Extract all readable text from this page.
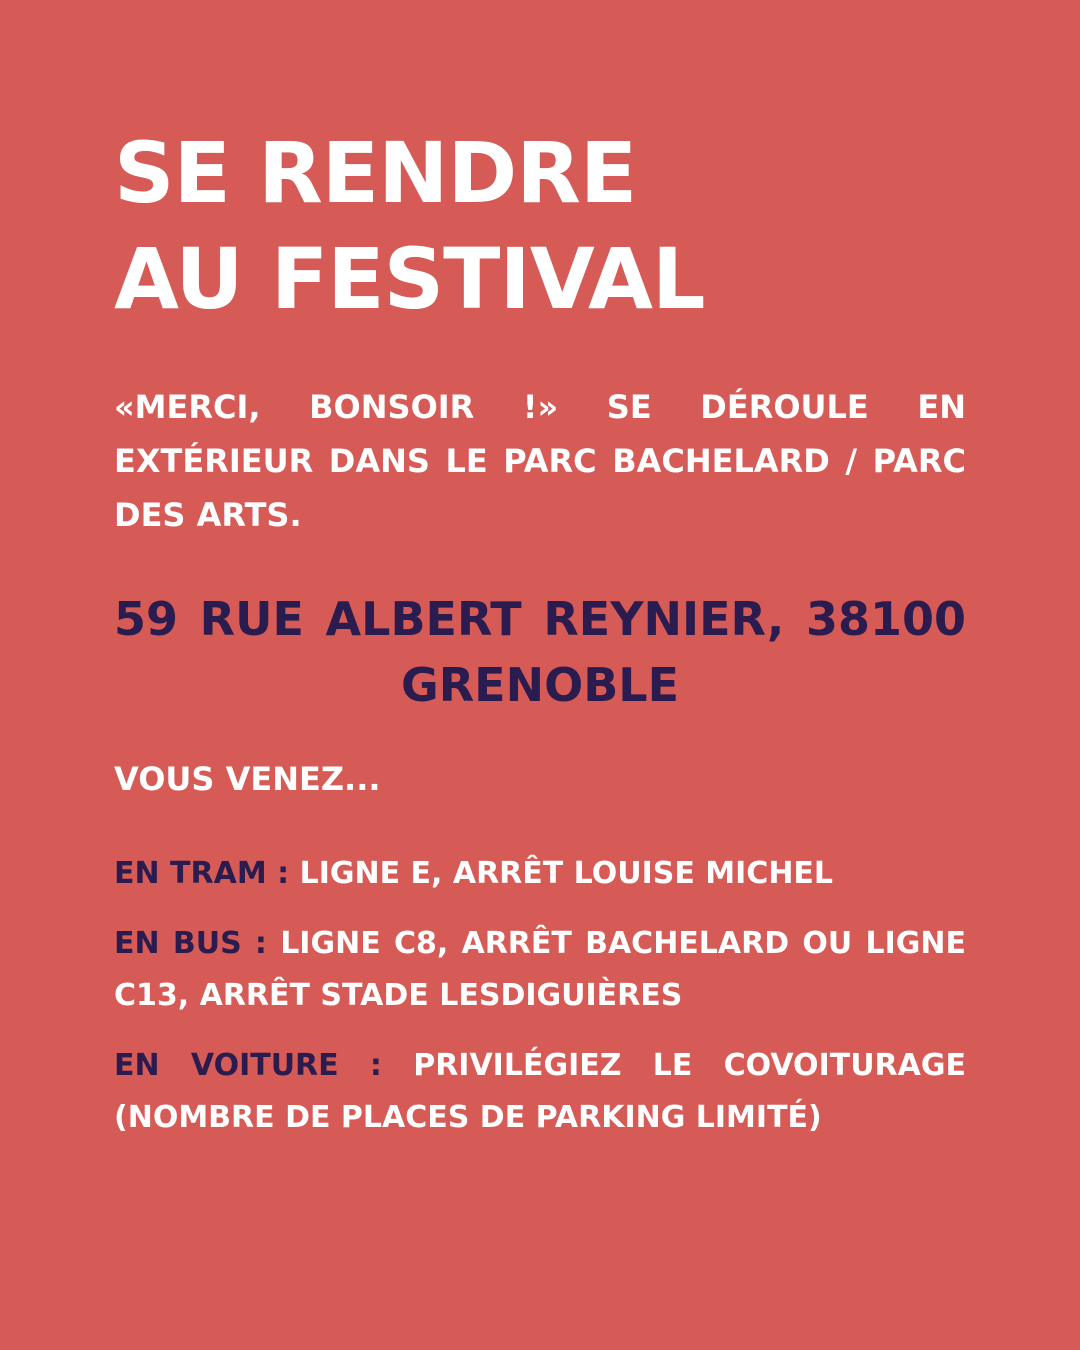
SE RENDRE
AU FESTIVAL

«MERCI, BONSOIR !» SE DÉROULE EN EXTÉRIEUR DANS LE PARC BACHELARD / PARC DES ARTS.

59 RUE ALBERT REYNIER, 38100 GRENOBLE

VOUS VENEZ...

EN TRAM : LIGNE E, ARRÊT LOUISE MICHEL
EN BUS : LIGNE C8, ARRÊT BACHELARD OU LIGNE C13, ARRÊT STADE LESDIGUIÈRES
EN VOITURE : PRIVILÉGIEZ LE COVOITURAGE (NOMBRE DE PLACES DE PARKING LIMITÉ)
